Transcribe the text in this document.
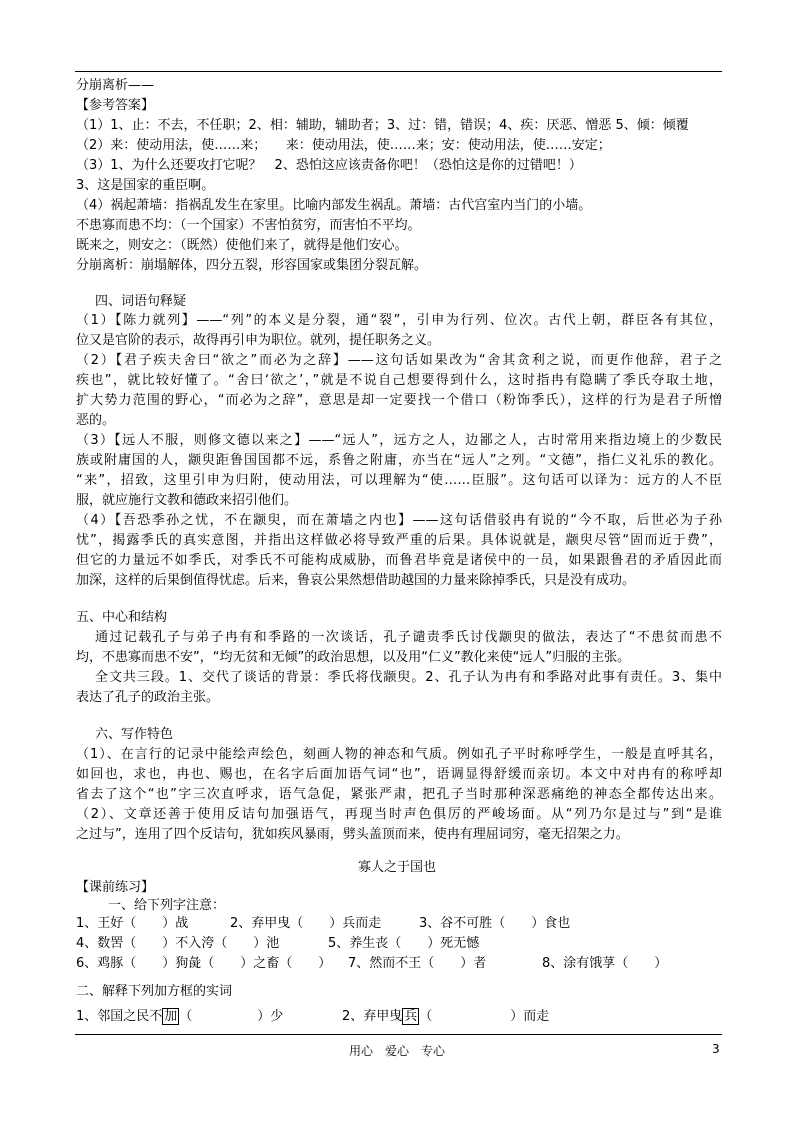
分崩离析——
【参考答案】
（1）1、止：不去，不任职；2、相：辅助，辅助者；3、过：错，错误；4、疾：厌恶、憎恶 5、倾：倾覆
（2）来：使动用法，使……来；　　来：使动用法，使……来；安：使动用法，使……安定；
（3）1、为什么还要攻打它呢？　2、恐怕这应该责备你吧！（恐怕这是你的过错吧！）
3、这是国家的重臣啊。
（4）祸起萧墙：指祸乱发生在家里。比喻内部发生祸乱。萧墙：古代宫室内当门的小墙。
不患寡而患不均：（一个国家）不害怕贫穷，而害怕不平均。
既来之，则安之：（既然）使他们来了，就得是他们安心。
分崩离析：崩塌解体，四分五裂，形容国家或集团分裂瓦解。
四、词语句释疑
（1）【陈力就列】——“列”的本义是分裂，通“裂”，引申为行列、位次。古代上朝，群臣各有其位，
位又是官阶的表示，故得再引申为职位。就列，提任职务之义。
（2）【君子疾夫舍曰“欲之”而必为之辞】——这句话如果改为“舍其贪利之说，而更作他辞，君子之
疾也”，就比较好懂了。“舍曰‘欲之’，”就是不说自己想要得到什么，这时指冉有隐瞒了季氏夺取土地，
扩大势力范围的野心，“而必为之辞”，意思是却一定要找一个借口（粉饰季氏），这样的行为是君子所憎
恶的。
（3）【远人不服，则修文德以来之】——“远人”，远方之人，边鄙之人，古时常用来指边境上的少数民
族或附庸国的人，颛臾距鲁国国都不远，系鲁之附庸，亦当在“远人”之列。“文德”，指仁义礼乐的教化。
“来”，招致，这里引申为归附，使动用法，可以理解为“使……臣服”。这句话可以译为：远方的人不臣
服，就应施行文教和德政来招引他们。
（4）【吾恐季孙之忧，不在颛臾，而在萧墙之内也】——这句话借驳冉有说的“今不取，后世必为子孙
忧”，揭露季氏的真实意图，并指出这样做必将导致严重的后果。具体说就是，颛臾尽管“固而近于费”，
但它的力量远不如季氏，对季氏不可能构成威胁，而鲁君毕竟是诸侯中的一员，如果跟鲁君的矛盾因此而
加深，这样的后果倒值得忧虑。后来，鲁哀公果然想借助越国的力量来除掉季氏，只是没有成功。
五、中心和结构
通过记载孔子与弟子冉有和季路的一次谈话，孔子谴责季氏讨伐颛臾的做法，表达了“不患贫而患不
均，不患寡而患不安”，“均无贫和无倾”的政治思想，以及用“仁义”教化来使“远人”归服的主张。
全文共三段。1、交代了谈话的背景：季氏将伐颛臾。2、孔子认为冉有和季路对此事有责任。3、集中
表达了孔子的政治主张。
六、写作特色
（1）、在言行的记录中能绘声绘色，刻画人物的神态和气质。例如孔子平时称呼学生，一般是直呼其名，
如回也，求也，冉也、赐也，在名字后面加语气词“也”，语调显得舒缓而亲切。本文中对冉有的称呼却
省去了这个“也”字三次直呼求，语气急促，紧张严肃，把孔子当时那种深恶痛绝的神态全都传达出来。
（2）、文章还善于使用反诘句加强语气，再现当时声色俱厉的严峻场面。从“列乃尔是过与”到“是谁
之过与”，连用了四个反诘句，犹如疾风暴雨，劈头盖顶而来，使冉有理屈词穷，毫无招架之力。
寡人之于国也
【课前练习】
一、给下列字注意：
1、王好（　　）战	2、弃甲曳（　　）兵而走	3、谷不可胜（　　）食也
4、数罟（　　）不入洿（　　）池	5、养生丧（　　）死无憾
6、鸡豚（　　）狗彘（　　）之畜（　　） 7、然而不王（　　）者	8、涂有饿莩（　　）
二、解释下列加方框的实词
1、邻国之民不 加 （　　　　　）少	2、弃甲曳 兵 （　　　　　　）而走
用心　爱心　专心	3
